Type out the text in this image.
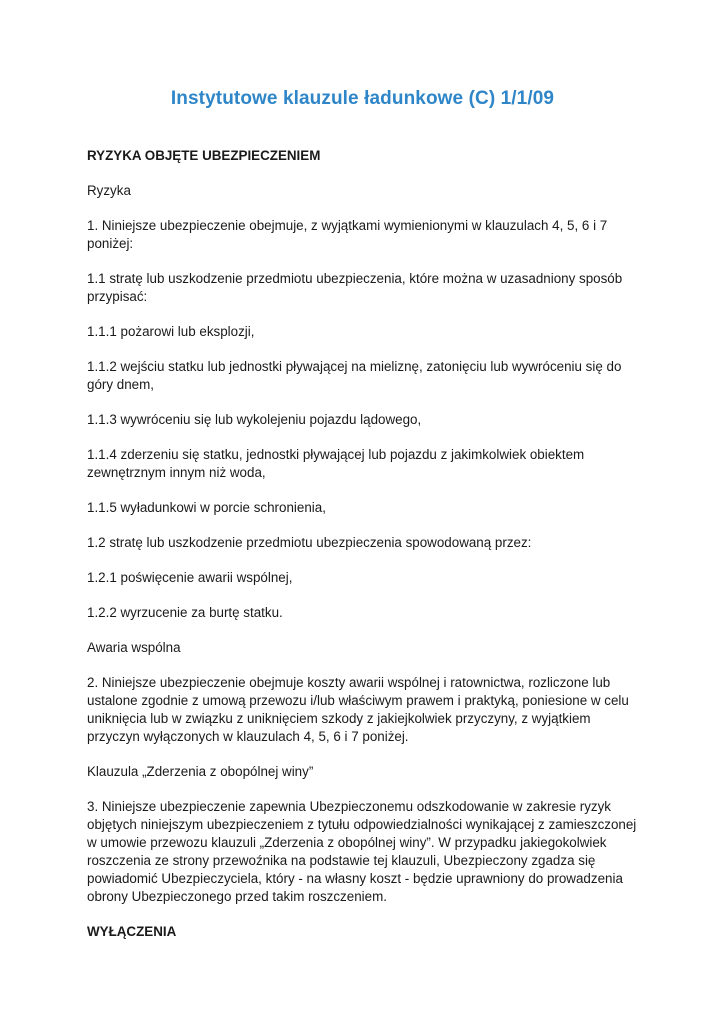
Instytutowe klauzule ładunkowe (C) 1/1/09

RYZYKA OBJĘTE UBEZPIECZENIEM

Ryzyka

1. Niniejsze ubezpieczenie obejmuje, z wyjątkami wymienionymi w klauzulach 4, 5, 6 i 7 poniżej:

1.1 stratę lub uszkodzenie przedmiotu ubezpieczenia, które można w uzasadniony sposób przypisać:

1.1.1 pożarowi lub eksplozji,

1.1.2 wejściu statku lub jednostki pływającej na mieliznę, zatonięciu lub wywróceniu się do góry dnem,

1.1.3 wywróceniu się lub wykolejeniu pojazdu lądowego,

1.1.4 zderzeniu się statku, jednostki pływającej lub pojazdu z jakimkolwiek obiektem zewnętrznym innym niż woda,

1.1.5 wyładunkowi w porcie schronienia,

1.2 stratę lub uszkodzenie przedmiotu ubezpieczenia spowodowaną przez:

1.2.1 poświęcenie awarii wspólnej,

1.2.2 wyrzucenie za burtę statku.

Awaria wspólna

2. Niniejsze ubezpieczenie obejmuje koszty awarii wspólnej i ratownictwa, rozliczone lub ustalone zgodnie z umową przewozu i/lub właściwym prawem i praktyką, poniesione w celu uniknięcia lub w związku z uniknięciem szkody z jakiejkolwiek przyczyny, z wyjątkiem przyczyn wyłączonych w klauzulach 4, 5, 6 i 7 poniżej.

Klauzula „Zderzenia z obopólnej winy”

3. Niniejsze ubezpieczenie zapewnia Ubezpieczonemu odszkodowanie w zakresie ryzyk objętych niniejszym ubezpieczeniem z tytułu odpowiedzialności wynikającej z zamieszczonej w umowie przewozu klauzuli „Zderzenia z obopólnej winy”. W przypadku jakiegokolwiek roszczenia ze strony przewoźnika na podstawie tej klauzuli, Ubezpieczony zgadza się powiadomić Ubezpieczyciela, który - na własny koszt - będzie uprawniony do prowadzenia obrony Ubezpieczonego przed takim roszczeniem.

WYŁĄCZENIA
